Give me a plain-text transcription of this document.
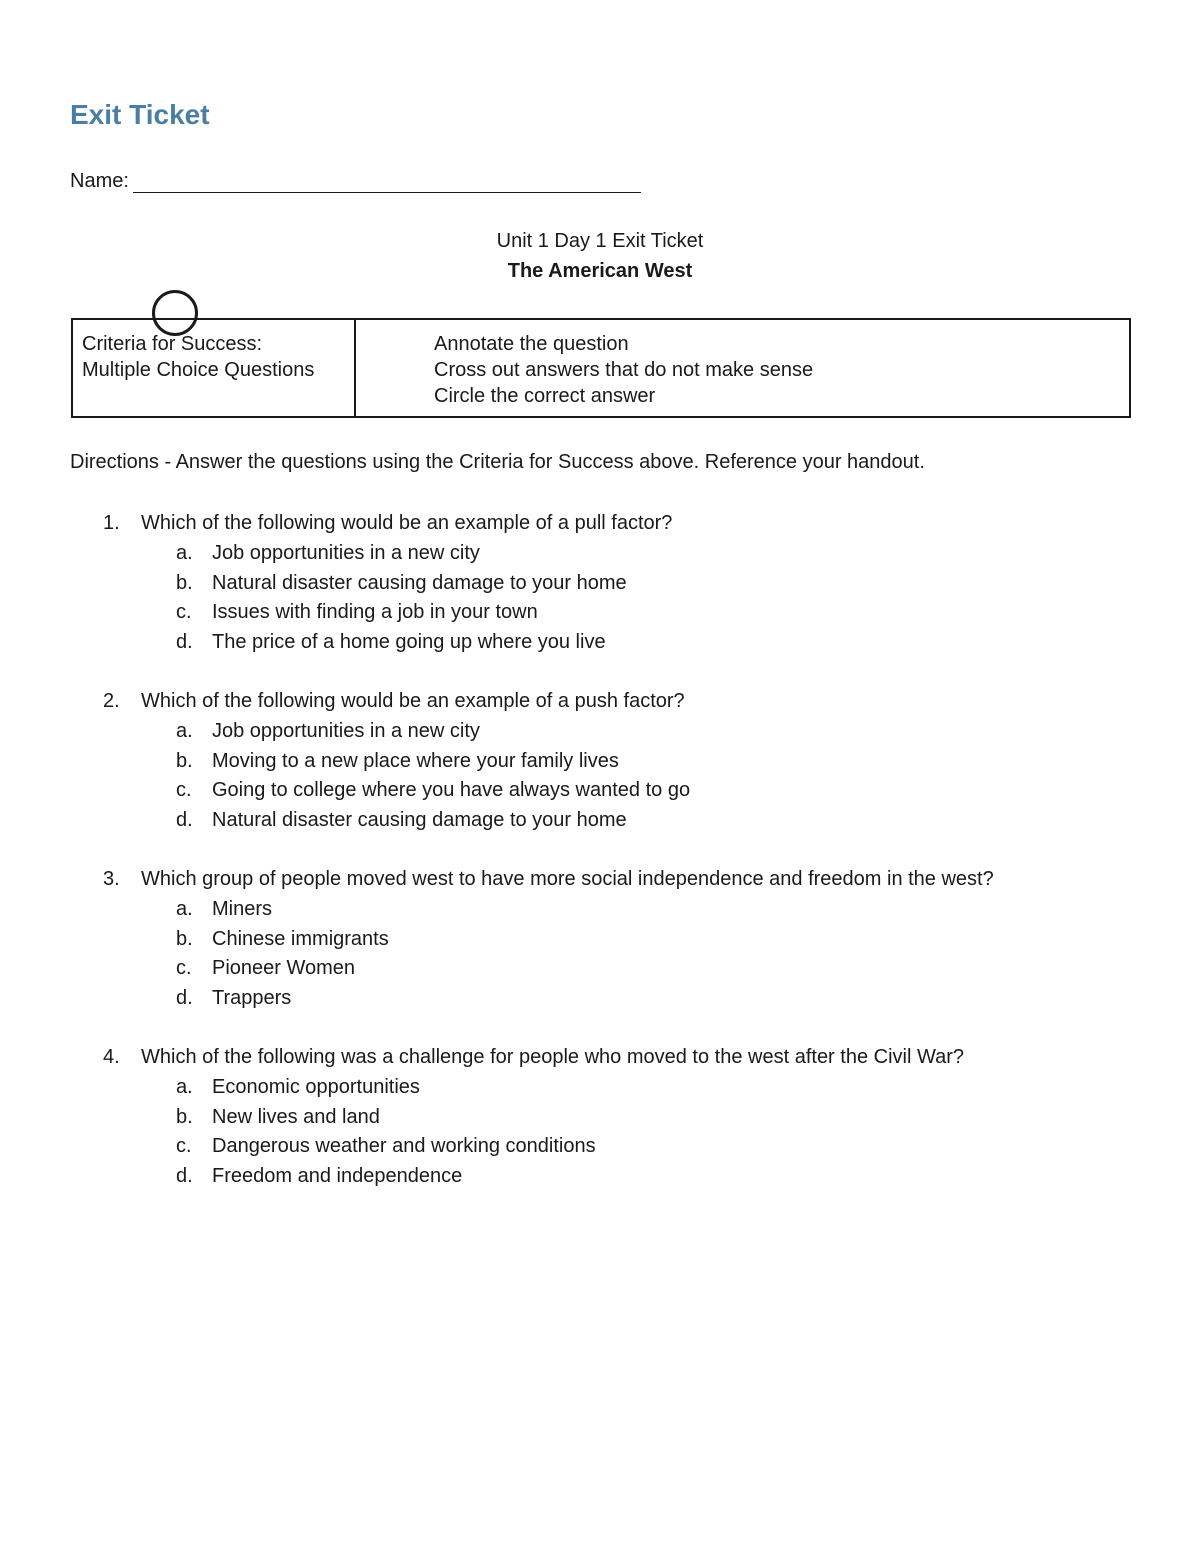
Exit Ticket
Name:
Unit 1 Day 1 Exit Ticket
The American West
Criteria for Success:
Multiple Choice Questions
Annotate the question
Cross out answers that do not make sense
Circle the correct answer
Directions - Answer the questions using the Criteria for Success above. Reference your handout.
1. Which of the following would be an example of a pull factor?
a. Job opportunities in a new city
b. Natural disaster causing damage to your home
c. Issues with finding a job in your town
d. The price of a home going up where you live
2. Which of the following would be an example of a push factor?
a. Job opportunities in a new city
b. Moving to a new place where your family lives
c. Going to college where you have always wanted to go
d. Natural disaster causing damage to your home
3. Which group of people moved west to have more social independence and freedom in the west?
a. Miners
b. Chinese immigrants
c. Pioneer Women
d. Trappers
4. Which of the following was a challenge for people who moved to the west after the Civil War?
a. Economic opportunities
b. New lives and land
c. Dangerous weather and working conditions
d. Freedom and independence
